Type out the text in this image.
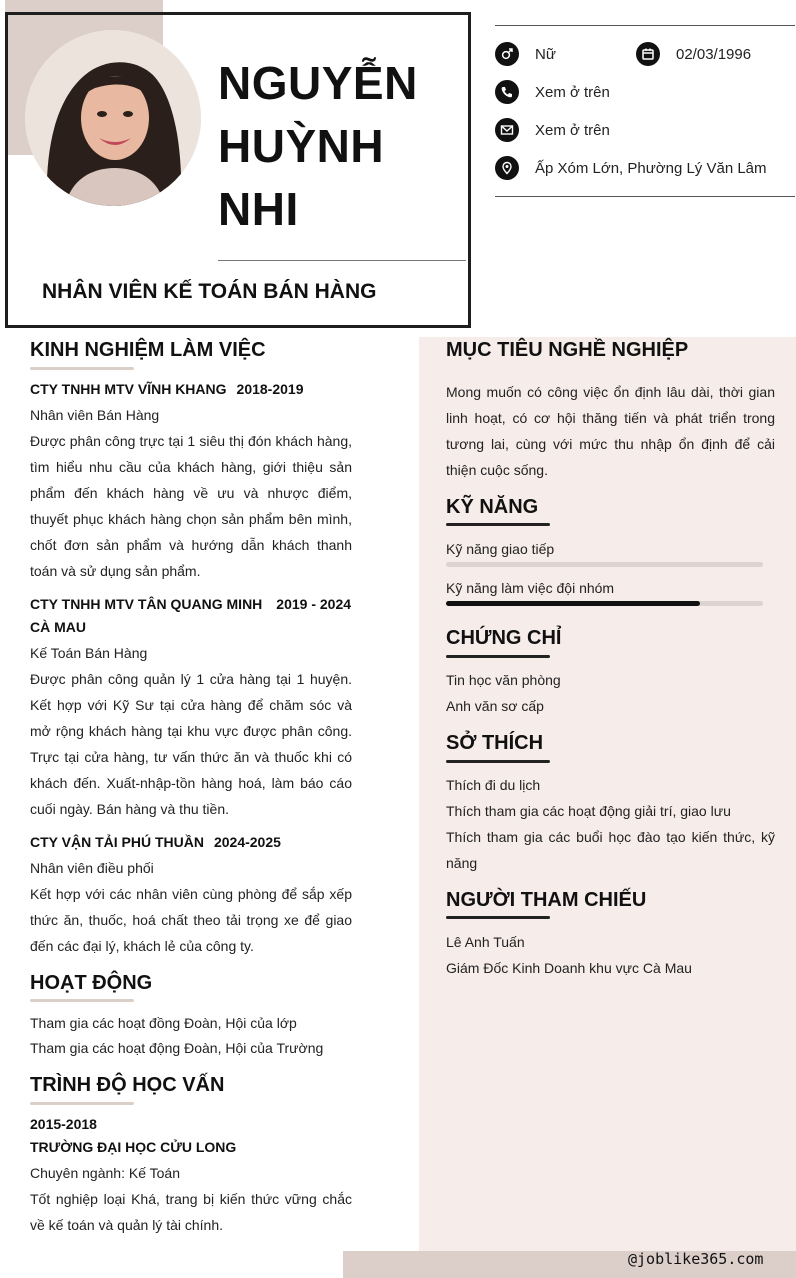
NGUYỄN
HUỲNH
NHI
NHÂN VIÊN KẾ TOÁN BÁN HÀNG
Nữ	02/03/1996
Xem ở trên
Xem ở trên
Ấp Xóm Lớn, Phường Lý Văn Lâm
KINH NGHIỆM LÀM VIỆC
CTY TNHH MTV VĨNH KHANG 2018-2019
Nhân viên Bán Hàng
Được phân công trực tại 1 siêu thị đón khách hàng, tìm hiểu nhu cầu của khách hàng, giới thiệu sản phẩm đến khách hàng về ưu và nhược điểm, thuyết phục khách hàng chọn sản phẩm bên mình, chốt đơn sản phẩm và hướng dẫn khách thanh toán và sử dụng sản phẩm.
CTY TNHH MTV TÂN QUANG MINH 2019 - 2024
CÀ MAU
Kế Toán Bán Hàng
Được phân công quản lý 1 cửa hàng tại 1 huyện. Kết hợp với Kỹ Sư tại cửa hàng để chăm sóc và mở rộng khách hàng tại khu vực được phân công. Trực tại cửa hàng, tư vấn thức ăn và thuốc khi có khách đến. Xuất-nhập-tồn hàng hoá, làm báo cáo cuối ngày. Bán hàng và thu tiền.
CTY VẬN TẢI PHÚ THUẦN 2024-2025
Nhân viên điều phối
Kết hợp với các nhân viên cùng phòng để sắp xếp thức ăn, thuốc, hoá chất theo tải trọng xe để giao đến các đại lý, khách lẻ của công ty.
HOẠT ĐỘNG
Tham gia các hoạt đồng Đoàn, Hội của lớp
Tham gia các hoạt động Đoàn, Hội của Trường
TRÌNH ĐỘ HỌC VẤN
2015-2018
TRƯỜNG ĐẠI HỌC CỬU LONG
Chuyên ngành: Kế Toán
Tốt nghiệp loại Khá, trang bị kiến thức vững chắc về kế toán và quản lý tài chính.
MỤC TIÊU NGHỀ NGHIỆP
Mong muốn có công việc ổn định lâu dài, thời gian linh hoạt, có cơ hội thăng tiến và phát triển trong tương lai, cùng với mức thu nhập ổn định để cải thiện cuộc sống.
KỸ NĂNG
Kỹ năng giao tiếp
Kỹ năng làm việc đội nhóm
CHỨNG CHỈ
Tin học văn phòng
Anh văn sơ cấp
SỞ THÍCH
Thích đi du lịch
Thích tham gia các hoạt động giải trí, giao lưu
Thích tham gia các buổi học đào tạo kiến thức, kỹ năng
NGƯỜI THAM CHIẾU
Lê Anh Tuấn
Giám Đốc Kinh Doanh khu vực Cà Mau
@joblike365.com
